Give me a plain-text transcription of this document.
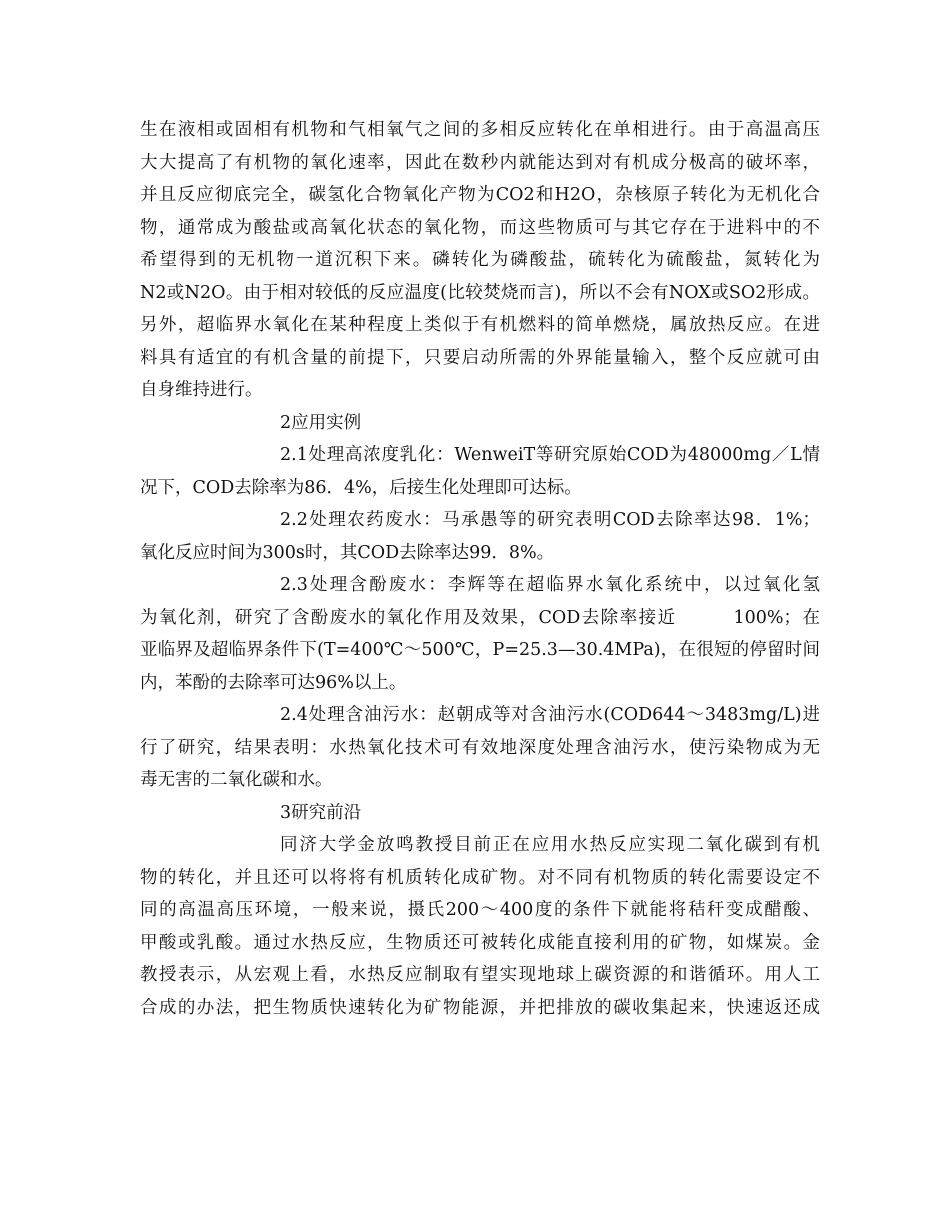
生在液相或固相有机物和气相氧气之间的多相反应转化在单相进行。由于高温高压
大大提高了有机物的氧化速率，因此在数秒内就能达到对有机成分极高的破坏率，
并且反应彻底完全，碳氢化合物氧化产物为CO2和H2O，杂核原子转化为无机化合
物，通常成为酸盐或高氧化状态的氧化物，而这些物质可与其它存在于进料中的不
希望得到的无机物一道沉积下来。磷转化为磷酸盐，硫转化为硫酸盐，氮转化为
N2或N2O。由于相对较低的反应温度(比较焚烧而言)，所以不会有NOX或SO2形成。
另外，超临界水氧化在某种程度上类似于有机燃料的简单燃烧，属放热反应。在进
料具有适宜的有机含量的前提下，只要启动所需的外界能量输入，整个反应就可由
自身维持进行。
2应用实例
2.1处理高浓度乳化：WenweiT等研究原始COD为48000mg／L情
况下，COD去除率为86．4%，后接生化处理即可达标。
2.2处理农药废水：马承愚等的研究表明COD去除率达98．1%；
氧化反应时间为300s时，其COD去除率达99．8%。
2.3处理含酚废水：李辉等在超临界水氧化系统中，以过氧化氢
为氧化剂，研究了含酚废水的氧化作用及效果，COD去除率接近　　　100%；在
亚临界及超临界条件下(T=400℃～500℃，P=25.3—30.4MPa)，在很短的停留时间
内，苯酚的去除率可达96%以上。
2.4处理含油污水：赵朝成等对含油污水(COD644～3483mg/L)进
行了研究，结果表明：水热氧化技术可有效地深度处理含油污水，使污染物成为无
毒无害的二氧化碳和水。
3研究前沿
同济大学金放鸣教授目前正在应用水热反应实现二氧化碳到有机
物的转化，并且还可以将将有机质转化成矿物。对不同有机物质的转化需要设定不
同的高温高压环境，一般来说，摄氏200～400度的条件下就能将秸秆变成醋酸、
甲酸或乳酸。通过水热反应，生物质还可被转化成能直接利用的矿物，如煤炭。金
教授表示，从宏观上看，水热反应制取有望实现地球上碳资源的和谐循环。用人工
合成的办法，把生物质快速转化为矿物能源，并把排放的碳收集起来，快速返还成
